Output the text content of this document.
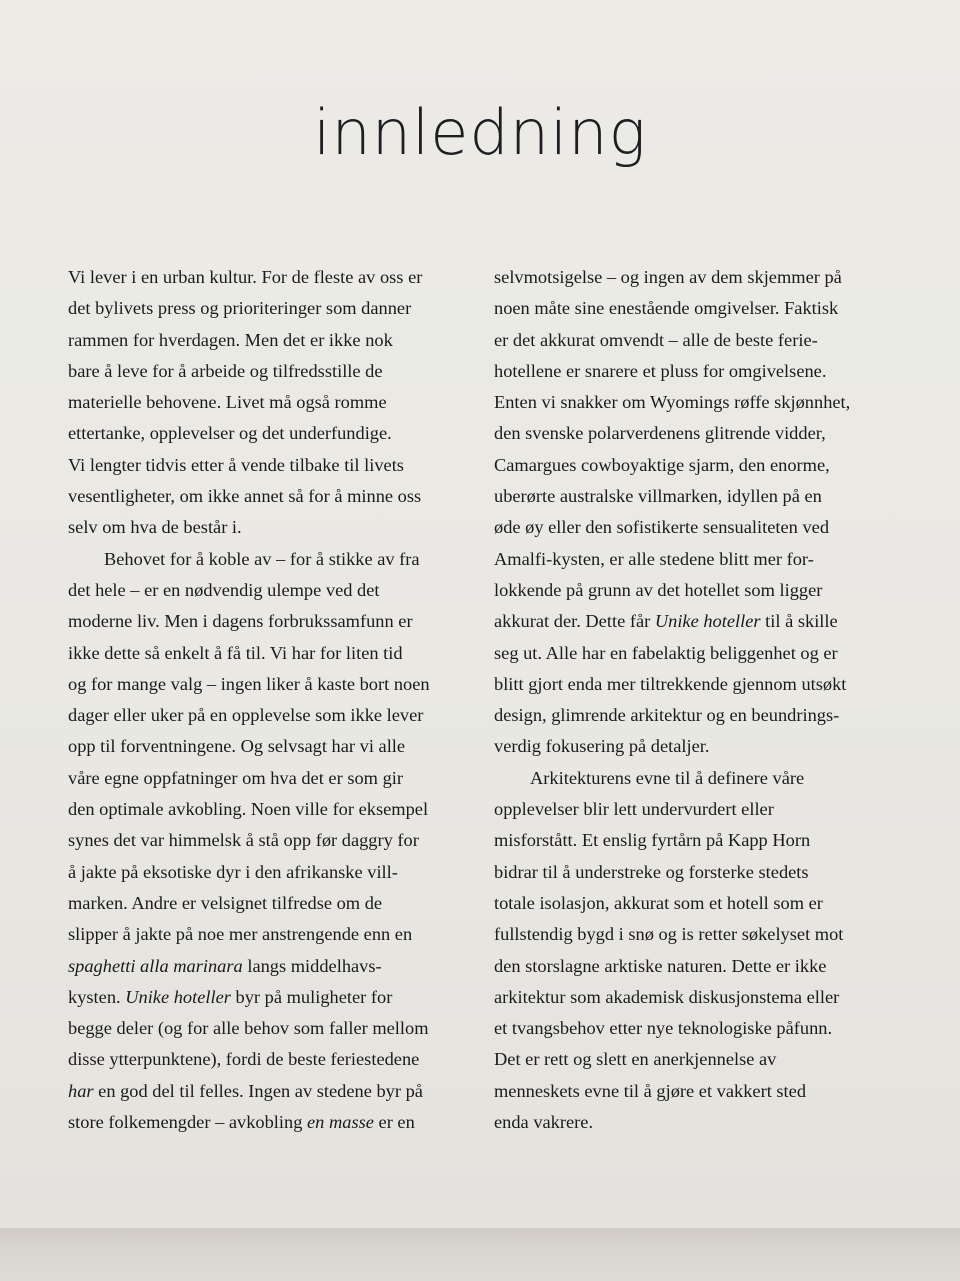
innledning
Vi lever i en urban kultur. For de fleste av oss er
det bylivets press og prioriteringer som danner
rammen for hverdagen. Men det er ikke nok
bare å leve for å arbeide og tilfredsstille de
materielle behovene. Livet må også romme
ettertanke, opplevelser og det underfundige.
Vi lengter tidvis etter å vende tilbake til livets
vesentligheter, om ikke annet så for å minne oss
selv om hva de består i.
Behovet for å koble av – for å stikke av fra
det hele – er en nødvendig ulempe ved det
moderne liv. Men i dagens forbrukssamfunn er
ikke dette så enkelt å få til. Vi har for liten tid
og for mange valg – ingen liker å kaste bort noen
dager eller uker på en opplevelse som ikke lever
opp til forventningene. Og selvsagt har vi alle
våre egne oppfatninger om hva det er som gir
den optimale avkobling. Noen ville for eksempel
synes det var himmelsk å stå opp før daggry for
å jakte på eksotiske dyr i den afrikanske vill-
marken. Andre er velsignet tilfredse om de
slipper å jakte på noe mer anstrengende enn en
spaghetti alla marinara langs middelhavs-
kysten. Unike hoteller byr på muligheter for
begge deler (og for alle behov som faller mellom
disse ytterpunktene), fordi de beste feriestedene
har en god del til felles. Ingen av stedene byr på
store folkemengder – avkobling en masse er en
selvmotsigelse – og ingen av dem skjemmer på
noen måte sine enestående omgivelser. Faktisk
er det akkurat omvendt – alle de beste ferie-
hotellene er snarere et pluss for omgivelsene.
Enten vi snakker om Wyomings røffe skjønnhet,
den svenske polarverdenens glitrende vidder,
Camargues cowboyaktige sjarm, den enorme,
uberørte australske villmarken, idyllen på en
øde øy eller den sofistikerte sensualiteten ved
Amalfi-kysten, er alle stedene blitt mer for-
lokkende på grunn av det hotellet som ligger
akkurat der. Dette får Unike hoteller til å skille
seg ut. Alle har en fabelaktig beliggenhet og er
blitt gjort enda mer tiltrekkende gjennom utsøkt
design, glimrende arkitektur og en beundrings-
verdig fokusering på detaljer.
Arkitekturens evne til å definere våre
opplevelser blir lett undervurdert eller
misforstått. Et enslig fyrtårn på Kapp Horn
bidrar til å understreke og forsterke stedets
totale isolasjon, akkurat som et hotell som er
fullstendig bygd i snø og is retter søkelyset mot
den storslagne arktiske naturen. Dette er ikke
arkitektur som akademisk diskusjonstema eller
et tvangsbehov etter nye teknologiske påfunn.
Det er rett og slett en anerkjennelse av
menneskets evne til å gjøre et vakkert sted
enda vakrere.
